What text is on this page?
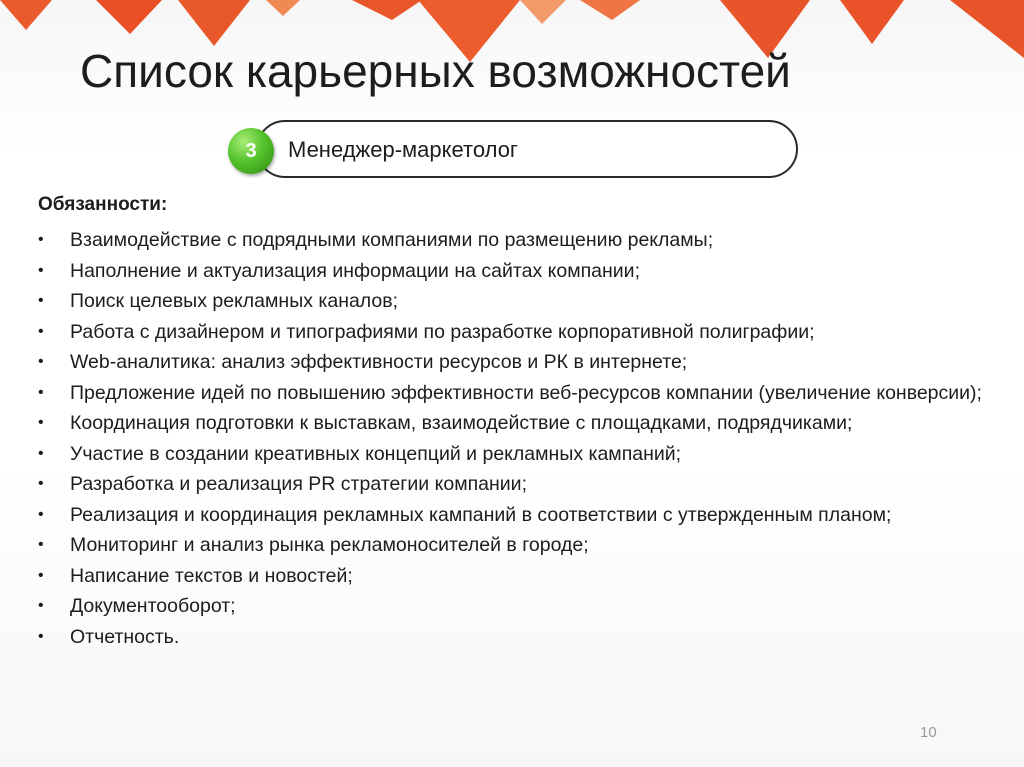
Список карьерных возможностей
Менеджер-маркетолог
3
Обязанности:
• Взаимодействие с подрядными компаниями по размещению рекламы;
• Наполнение и актуализация информации на сайтах компании;
• Поиск целевых рекламных каналов;
• Работа с дизайнером и типографиями по разработке корпоративной полиграфии;
• Web-аналитика: анализ эффективности ресурсов и РК в интернете;
• Предложение идей по повышению эффективности веб-ресурсов компании (увеличение конверсии);
• Координация подготовки к выставкам, взаимодействие с площадками, подрядчиками;
• Участие в создании креативных концепций и рекламных кампаний;
• Разработка и реализация PR стратегии компании;
• Реализация и координация рекламных кампаний в соответствии с утвержденным планом;
• Мониторинг и анализ рынка рекламоносителей в городе;
• Написание текстов и новостей;
• Документооборот;
• Отчетность.
10
